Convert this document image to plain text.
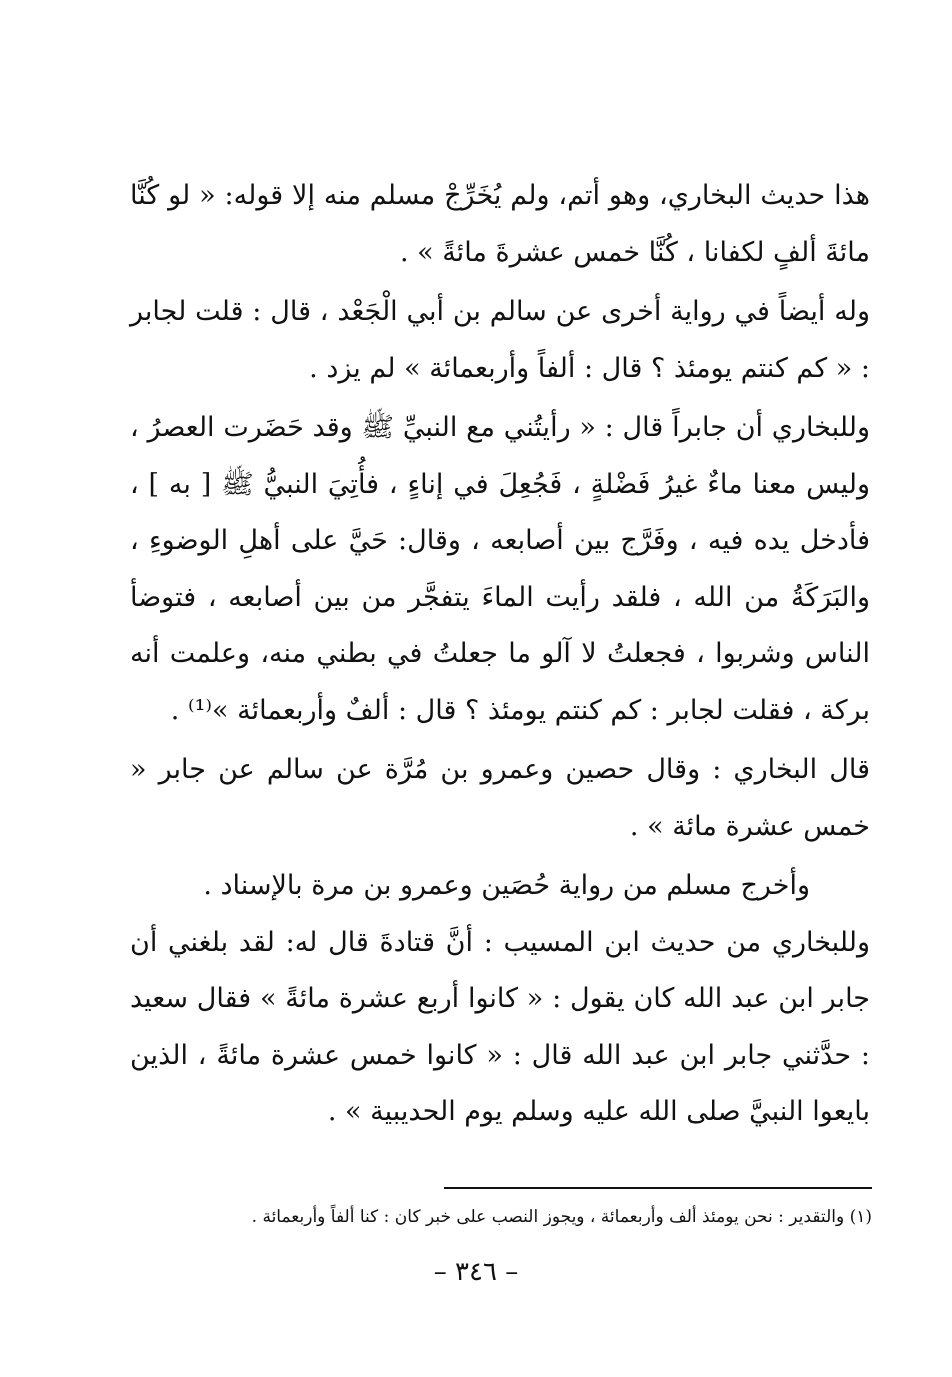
هذا حديث البخاري، وهو أتم، ولم يُخَرِّجْ مسلم منه إلا قوله: « لو كُنَّا مائةَ ألفٍ لكفانا ، كُنَّا خمس عشرةَ مائةً » .

وله أيضاً في رواية أخرى عن سالم بن أبي الْجَعْد ، قال : قلت لجابر : « كم كنتم يومئذ ؟ قال : ألفاً وأربعمائة » لم يزد .

وللبخاري أن جابراً قال : « رأيتُني مع النبيِّ ﷺ وقد حَضَرت العصرُ ، وليس معنا ماءٌ غيرُ فَضْلةٍ ، فَجُعِلَ في إناءٍ ، فأُتِيَ النبيُّ ﷺ [ به ] ، فأدخل يده فيه ، وفَرَّج بين أصابعه ، وقال: حَيَّ على أهلِ الوضوءِ ، والبَرَكَةُ من الله ، فلقد رأيت الماءَ يتفجَّر من بين أصابعه ، فتوضأ الناس وشربوا ، فجعلتُ لا آلو ما جعلتُ في بطني منه، وعلمت أنه بركة ، فقلت لجابر : كم كنتم يومئذ ؟ قال : ألفٌ وأربعمائة »⁽¹⁾ .

قال البخاري : وقال حصين وعمرو بن مُرَّة عن سالم عن جابر « خمس عشرة مائة » .

وأخرج مسلم من رواية حُصَين وعمرو بن مرة بالإسناد .

وللبخاري من حديث ابن المسيب : أنَّ قتادةَ قال له: لقد بلغني أن جابر ابن عبد الله كان يقول : « كانوا أربع عشرة مائةً » فقال سعيد : حدَّثني جابر ابن عبد الله قال : « كانوا خمس عشرة مائةً ، الذين بايعوا النبيَّ صلى الله عليه وسلم يوم الحديبية » .

(١) والتقدير : نحن يومئذ ألف وأربعمائة ، ويجوز النصب على خبر كان : كنا ألفاً وأربعمائة .
– ٣٤٦ –
